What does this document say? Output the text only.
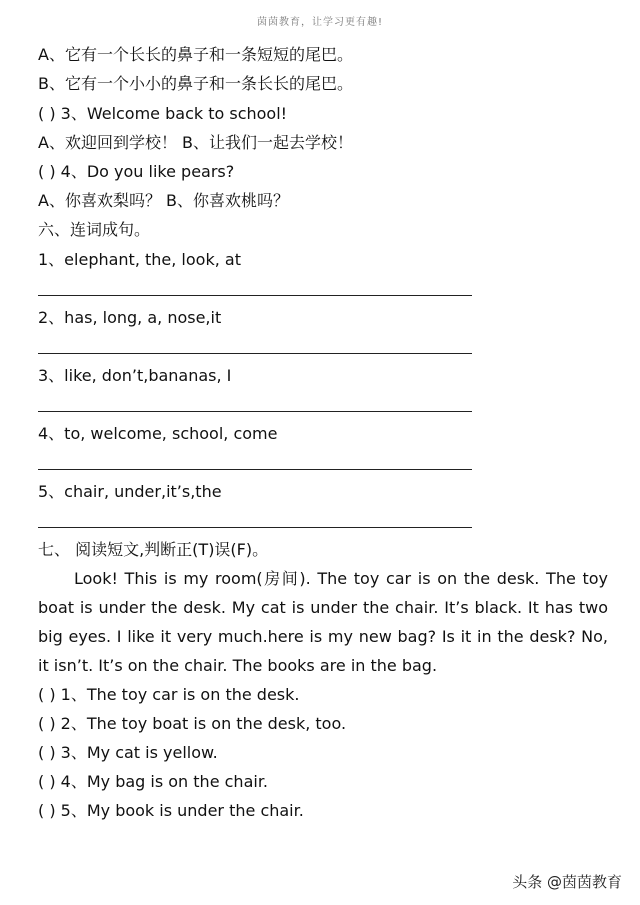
茵茵教育，让学习更有趣!
A、它有一个长长的鼻子和一条短短的尾巴。
B、它有一个小小的鼻子和一条长长的尾巴。
( ) 3、Welcome back to school!
A、欢迎回到学校！ B、让我们一起去学校！
( ) 4、Do you like pears?
A、你喜欢梨吗？ B、你喜欢桃吗？
六、连词成句。
1、elephant, the, look, at
2、has, long, a, nose,it
3、like, don’t,bananas, I
4、to, welcome, school, come
5、chair, under,it’s,the
七、 阅读短文,判断正(T)误(F)。
Look! This is my room(房间). The toy car is on the desk. The toy boat is under the desk. My cat is under the chair. It’s black. It has two big eyes. I like it very much.here is my new bag? Is it in the desk? No, it isn’t. It’s on the chair. The books are in the bag.
( ) 1、The toy car is on the desk.
( ) 2、The toy boat is on the desk, too.
( ) 3、My cat is yellow.
( ) 4、My bag is on the chair.
( ) 5、My book is under the chair.
头条 @茵茵教育
